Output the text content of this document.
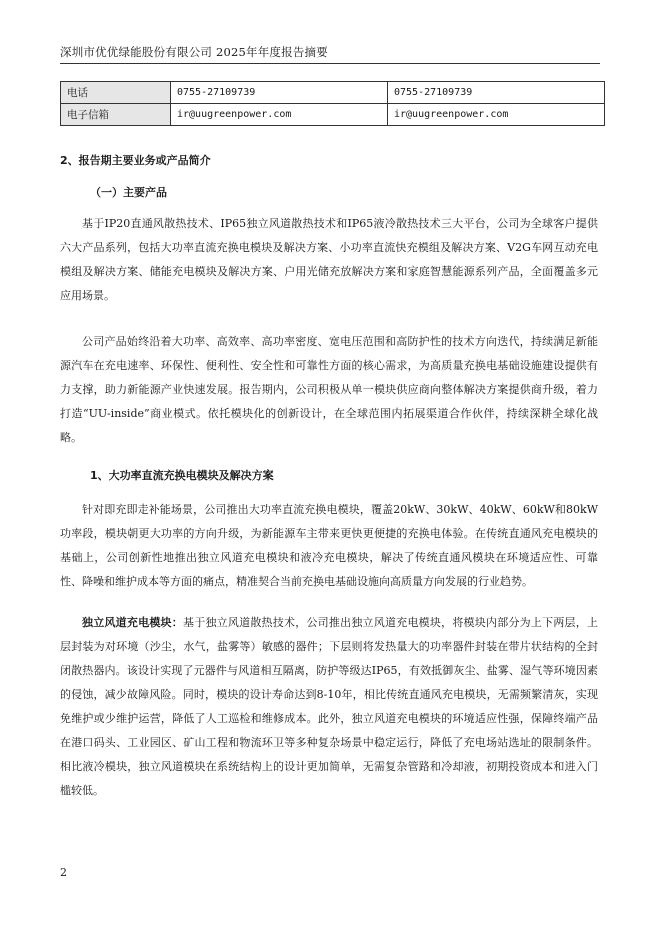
深圳市优优绿能股份有限公司 2025年年度报告摘要
电话	0755-27109739	0755-27109739
电子信箱	ir@uugreenpower.com	ir@uugreenpower.com
2、报告期主要业务或产品简介
（一）主要产品

基于IP20直通风散热技术、IP65独立风道散热技术和IP65液冷散热技术三大平台，公司为全球客户提供六大产品系列，包括大功率直流充换电模块及解决方案、小功率直流快充模组及解决方案、V2G车网互动充电模组及解决方案、储能充电模块及解决方案、户用光储充放解决方案和家庭智慧能源系列产品，全面覆盖多元应用场景。

公司产品始终沿着大功率、高效率、高功率密度、宽电压范围和高防护性的技术方向迭代，持续满足新能源汽车在充电速率、环保性、便利性、安全性和可靠性方面的核心需求，为高质量充换电基础设施建设提供有力支撑，助力新能源产业快速发展。报告期内，公司积极从单一模块供应商向整体解决方案提供商升级，着力打造“UU-inside”商业模式。依托模块化的创新设计，在全球范围内拓展渠道合作伙伴，持续深耕全球化战略。

1、大功率直流充换电模块及解决方案

针对即充即走补能场景，公司推出大功率直流充换电模块，覆盖20kW、30kW、40kW、60kW和80kW功率段，模块朝更大功率的方向升级，为新能源车主带来更快更便捷的充换电体验。在传统直通风充电模块的基础上，公司创新性地推出独立风道充电模块和液冷充电模块，解决了传统直通风模块在环境适应性、可靠性、降噪和维护成本等方面的痛点，精准契合当前充换电基础设施向高质量方向发展的行业趋势。

独立风道充电模块：基于独立风道散热技术，公司推出独立风道充电模块，将模块内部分为上下两层，上层封装为对环境（沙尘，水气，盐雾等）敏感的器件；下层则将发热量大的功率器件封装在带片状结构的全封闭散热器内。该设计实现了元器件与风道相互隔离，防护等级达IP65，有效抵御灰尘、盐雾、湿气等环境因素的侵蚀，减少故障风险。同时，模块的设计寿命达到8-10年，相比传统直通风充电模块，无需频繁清灰，实现免维护或少维护运营，降低了人工巡检和维修成本。此外，独立风道充电模块的环境适应性强，保障终端产品在港口码头、工业园区、矿山工程和物流环卫等多种复杂场景中稳定运行，降低了充电场站选址的限制条件。相比液冷模块，独立风道模块在系统结构上的设计更加简单，无需复杂管路和冷却液，初期投资成本和进入门槛较低。

2
